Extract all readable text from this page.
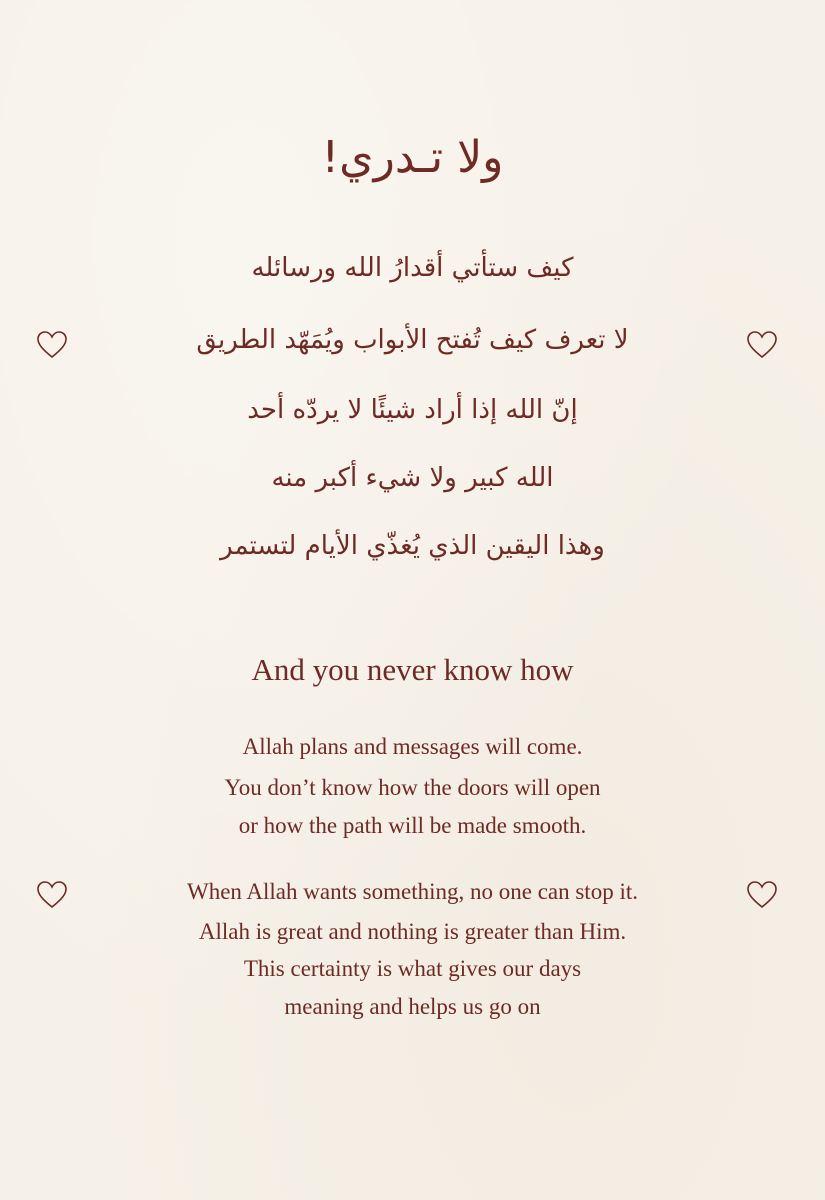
ولا تـدري!
كيف ستأتي أقدارُ الله ورسائله
لا تعرف كيف تُفتح الأبواب ويُمَهّد الطريق
إنّ الله إذا أراد شيئًا لا يردّه أحد
الله كبير ولا شيء أكبر منه
وهذا اليقين الذي يُغذّي الأيام لتستمر
And you never know how
Allah plans and messages will come.
You don’t know how the doors will open
or how the path will be made smooth.
When Allah wants something, no one can stop it.
Allah is great and nothing is greater than Him.
This certainty is what gives our days
meaning and helps us go on
